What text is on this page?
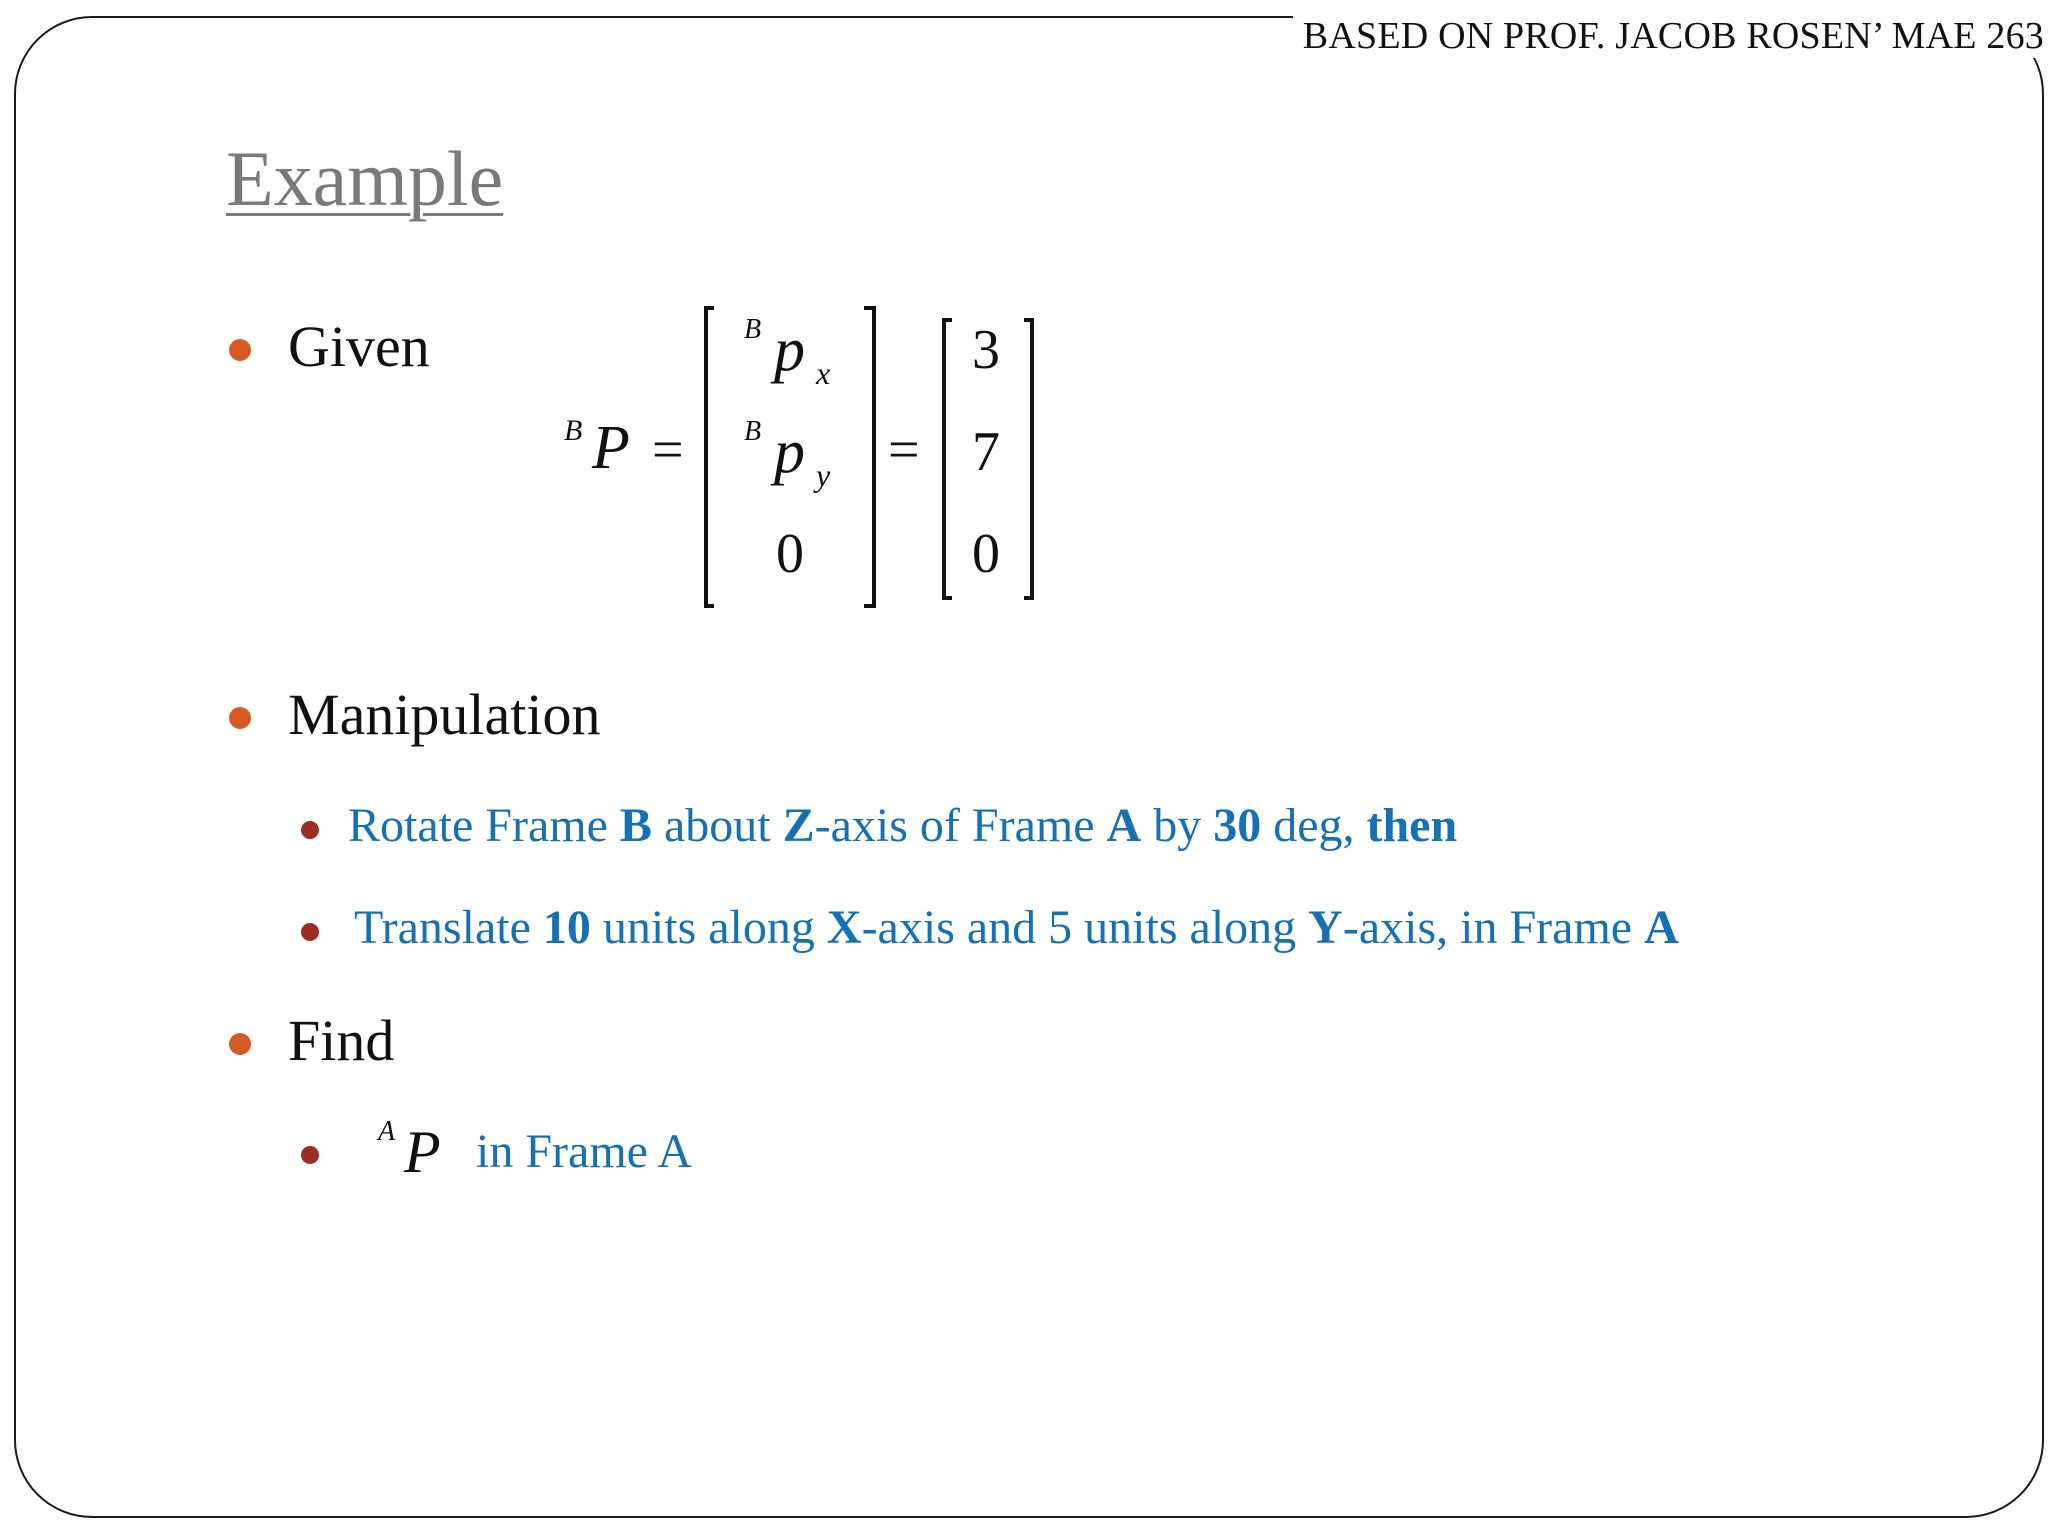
BASED ON PROF. JACOB ROSEN’ MAE 263
Example
Given
B P =
B p x
B p y
0
=
3
7
0
Manipulation
Rotate Frame B about Z-axis of Frame A by 30 deg, then
Translate 10 units along X-axis and 5 units along Y-axis, in Frame A
Find
A P in Frame A
